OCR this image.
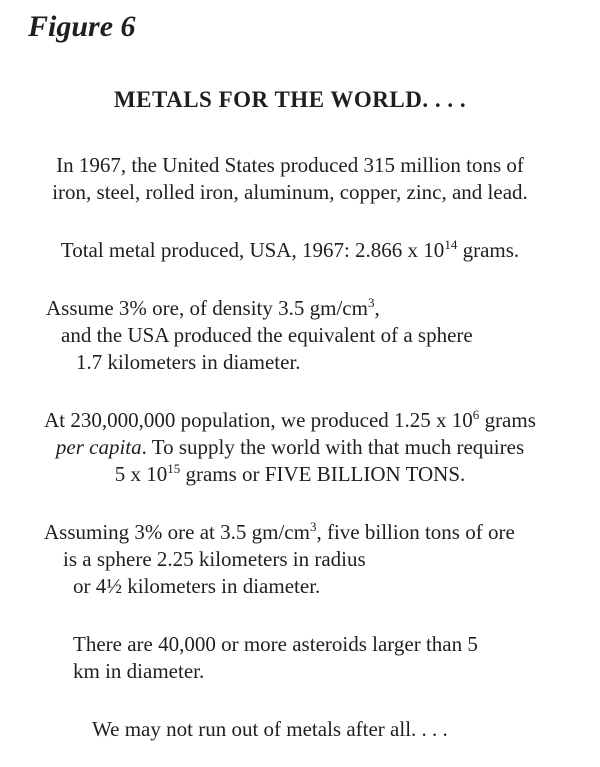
Figure 6
METALS FOR THE WORLD. . . .

In 1967, the United States produced 315 million tons of
iron, steel, rolled iron, aluminum, copper, zinc, and lead.

Total metal produced, USA, 1967: 2.866 x $10^{14}$ grams.

Assume 3% ore, of density 3.5 $gm/cm^3$,
and the USA produced the equivalent of a sphere
1.7 kilometers in diameter.

At 230,000,000 population, we produced 1.25 x $10^6$ grams
per capita. To supply the world with that much requires
5 x $10^{15}$ grams or FIVE BILLION TONS.

Assuming 3% ore at 3.5 $gm/cm^3$, five billion tons of ore
is a sphere 2.25 kilometers in radius
or 4½ kilometers in diameter.

There are 40,000 or more asteroids larger than 5
km in diameter.

We may not run out of metals after all. . . .
